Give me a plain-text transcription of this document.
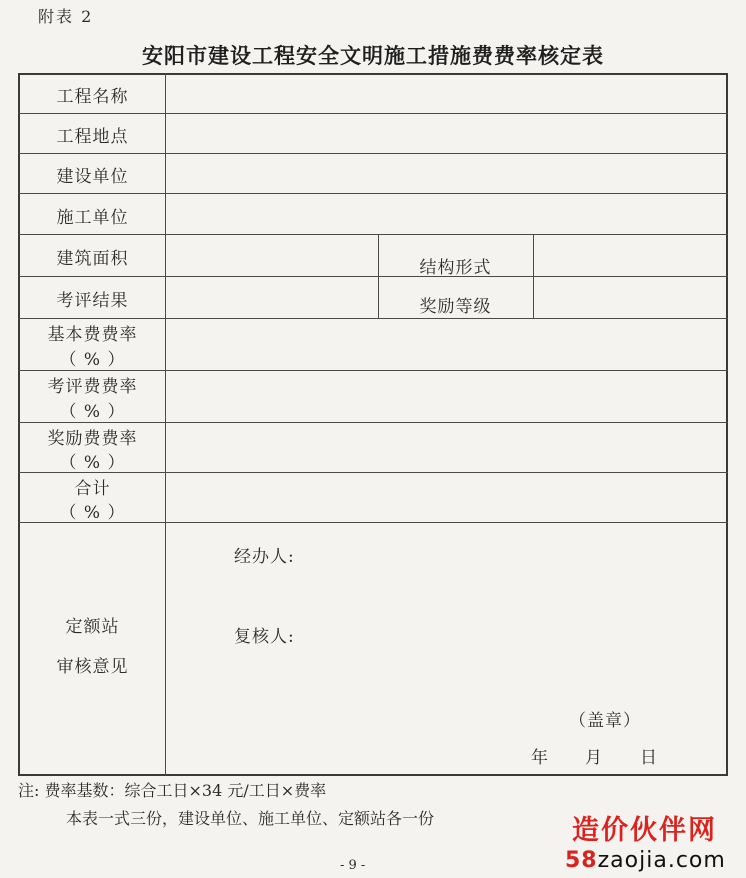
附表 2
安阳市建设工程安全文明施工措施费费率核定表
工程名称
工程地点
建设单位
施工单位
建筑面积	结构形式
考评结果	奖励等级
基本费费率
（ % ）
考评费费率
（ % ）
奖励费费率
（ % ）
合计
（ % ）
定额站
审核意见
经办人:
复核人:
（盖章）
年 月 日
注: 费率基数：综合工日×34 元/工日×费率
本表一式三份，建设单位、施工单位、定额站各一份
- 9 -
造价伙伴网
58zaojia.com
